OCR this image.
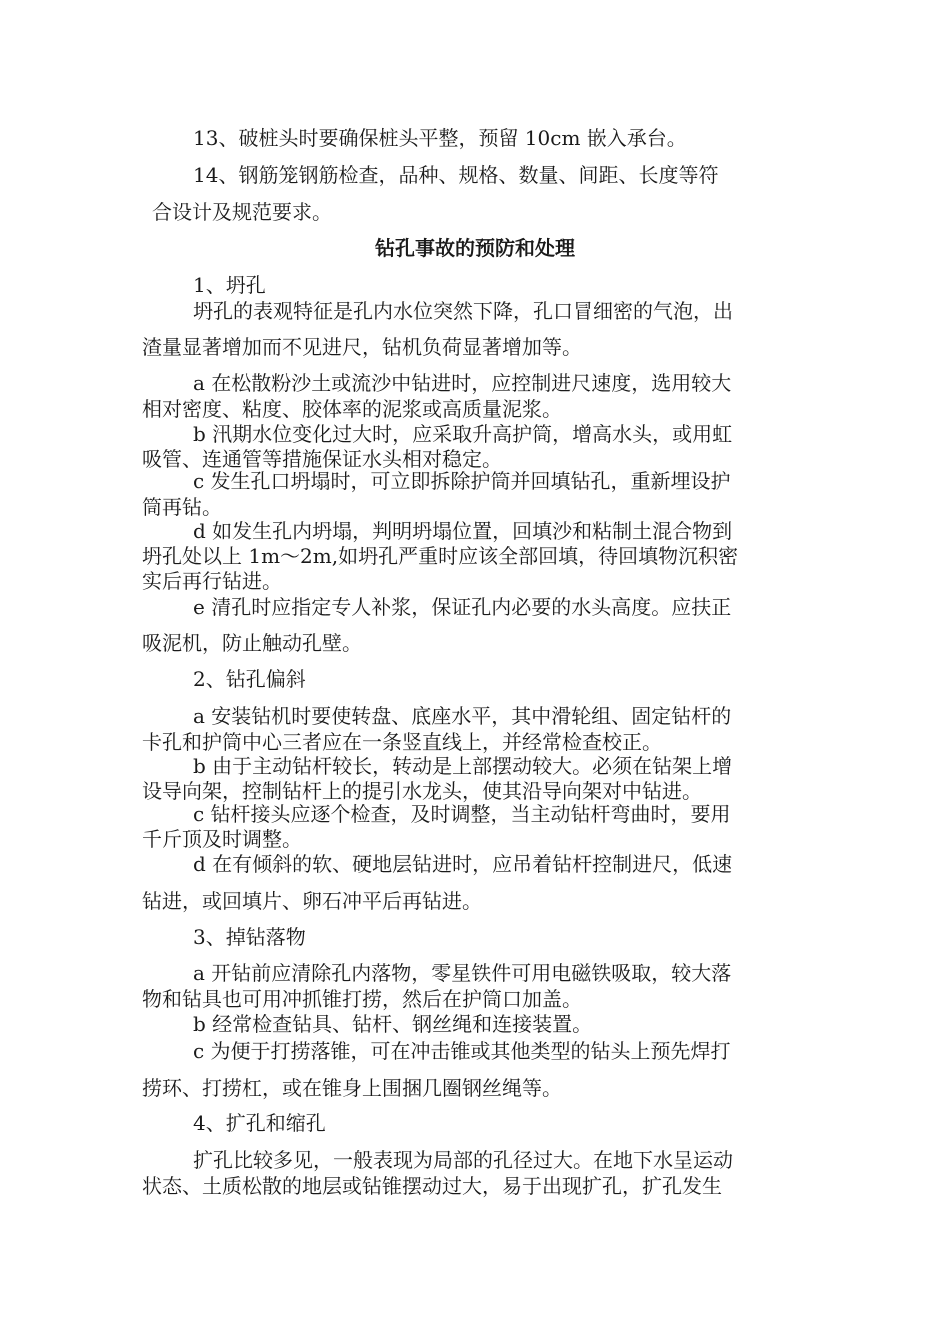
13、破桩头时要确保桩头平整，预留 10cm 嵌入承台。
14、钢筋笼钢筋检查，品种、规格、数量、间距、长度等符
合设计及规范要求。
钻孔事故的预防和处理
1、坍孔
坍孔的表观特征是孔内水位突然下降，孔口冒细密的气泡，出
渣量显著增加而不见进尺，钻机负荷显著增加等。
a 在松散粉沙土或流沙中钻进时，应控制进尺速度，选用较大
相对密度、粘度、胶体率的泥浆或高质量泥浆。
b 汛期水位变化过大时，应采取升高护筒，增高水头，或用虹
吸管、连通管等措施保证水头相对稳定。
c 发生孔口坍塌时，可立即拆除护筒并回填钻孔，重新埋设护
筒再钻。
d 如发生孔内坍塌，判明坍塌位置，回填沙和粘制土混合物到
坍孔处以上 1m～2m,如坍孔严重时应该全部回填，待回填物沉积密
实后再行钻进。
e 清孔时应指定专人补浆，保证孔内必要的水头高度。应扶正
吸泥机，防止触动孔壁。
2、钻孔偏斜
a 安装钻机时要使转盘、底座水平，其中滑轮组、固定钻杆的
卡孔和护筒中心三者应在一条竖直线上，并经常检查校正。
b 由于主动钻杆较长，转动是上部摆动较大。必须在钻架上增
设导向架，控制钻杆上的提引水龙头，使其沿导向架对中钻进。
c 钻杆接头应逐个检查，及时调整，当主动钻杆弯曲时，要用
千斤顶及时调整。
d 在有倾斜的软、硬地层钻进时，应吊着钻杆控制进尺，低速
钻进，或回填片、卵石冲平后再钻进。
3、掉钻落物
a 开钻前应清除孔内落物，零星铁件可用电磁铁吸取，较大落
物和钻具也可用冲抓锥打捞，然后在护筒口加盖。
b 经常检查钻具、钻杆、钢丝绳和连接装置。
c 为便于打捞落锥，可在冲击锥或其他类型的钻头上预先焊打
捞环、打捞杠，或在锥身上围捆几圈钢丝绳等。
4、扩孔和缩孔
扩孔比较多见，一般表现为局部的孔径过大。在地下水呈运动
状态、土质松散的地层或钻锥摆动过大，易于出现扩孔，扩孔发生
